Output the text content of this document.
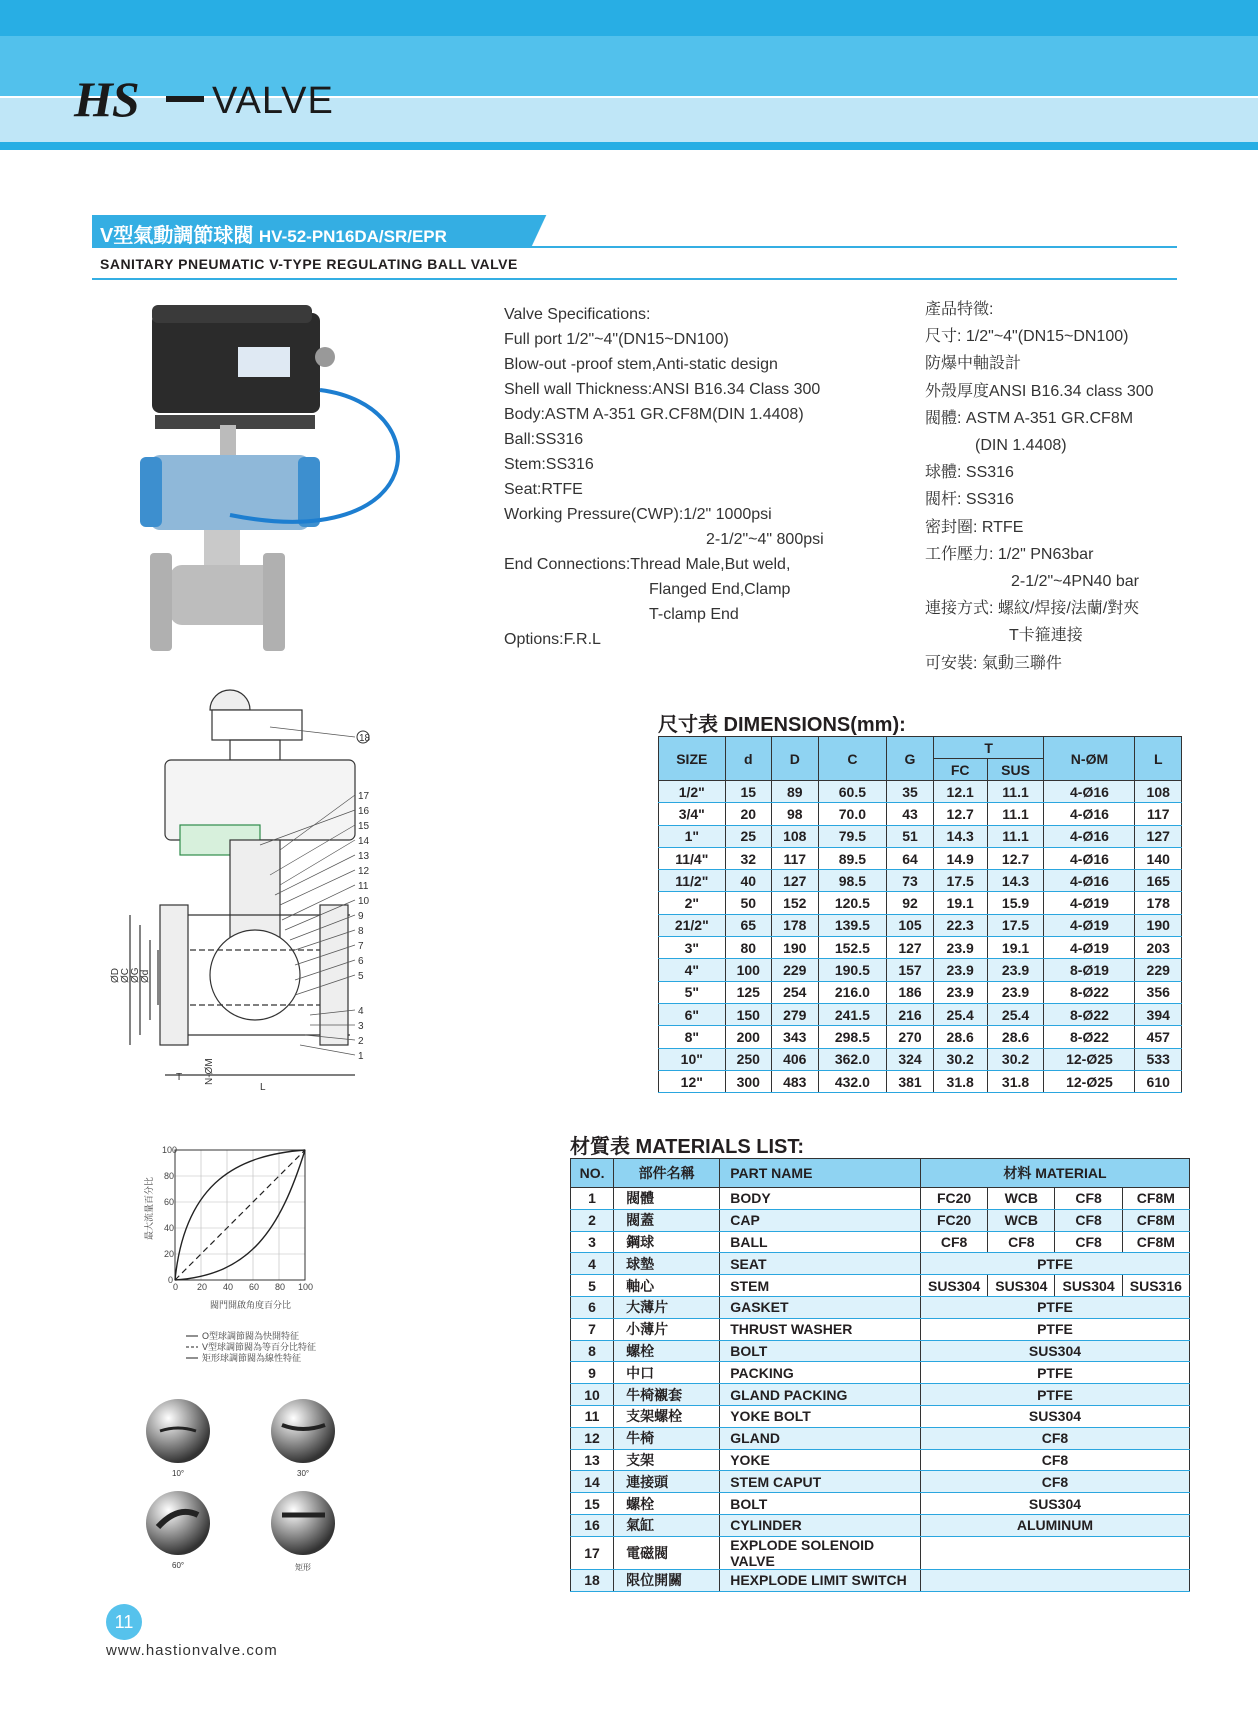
HS VALVE
V型氣動調節球閥 HV-52-PN16DA/SR/EPR
SANITARY PNEUMATIC V-TYPE REGULATING BALL VALVE
Valve Specifications:
Full port 1/2"~4"(DN15~DN100)
Blow-out -proof stem,Anti-static design
Shell wall Thickness:ANSI B16.34 Class 300
Body:ASTM A-351 GR.CF8M(DIN 1.4408)
Ball:SS316
Stem:SS316
Seat:RTFE
Working Pressure(CWP):1/2" 1000psi
2-1/2"~4" 800psi
End Connections:Thread Male,But weld,
Flanged End,Clamp
T-clamp End
Options:F.R.L
產品特徵:
尺寸: 1/2"~4"(DN15~DN100)
防爆中軸設計
外殼厚度ANSI B16.34 class 300
閥體: ASTM A-351 GR.CF8M
(DIN 1.4408)
球體: SS316
閥杆: SS316
密封圈: RTFE
工作壓力: 1/2" PN63bar
2-1/2"~4PN40 bar
連接方式: 螺紋/焊接/法蘭/對夾
T卡箍連接
可安裝: 氣動三聯件
18
17
16
15
14
13
12
11
10
9
8
7
6
5
4
3
2
1
ØD ØC ØG Ød
T N-ØM
L
100
80
60
40
20
0
0 20 40 60 80 100
最大流量百分比
閥門開啟角度百分比
O型球調節閥為快開特征
V型球調節閥為等百分比特征
矩形球調節閥為線性特征
10°	30°
60°	矩形
尺寸表 DIMENSIONS(mm):
SIZE	d	D	C	G	T		N-ØM	L
					FC	SUS		
1/2"	15	89	60.5	35	12.1	11.1	4-Ø16	108
3/4"	20	98	70.0	43	12.7	11.1	4-Ø16	117
1"	25	108	79.5	51	14.3	11.1	4-Ø16	127
11/4"	32	117	89.5	64	14.9	12.7	4-Ø16	140
11/2"	40	127	98.5	73	17.5	14.3	4-Ø16	165
2"	50	152	120.5	92	19.1	15.9	4-Ø19	178
21/2"	65	178	139.5	105	22.3	17.5	4-Ø19	190
3"	80	190	152.5	127	23.9	19.1	4-Ø19	203
4"	100	229	190.5	157	23.9	23.9	8-Ø19	229
5"	125	254	216.0	186	23.9	23.9	8-Ø22	356
6"	150	279	241.5	216	25.4	25.4	8-Ø22	394
8"	200	343	298.5	270	28.6	28.6	8-Ø22	457
10"	250	406	362.0	324	30.2	30.2	12-Ø25	533
12"	300	483	432.0	381	31.8	31.8	12-Ø25	610
材質表 MATERIALS LIST:
NO.	部件名稱	PART NAME	材料 MATERIAL			
1	閥體	BODY	FC20	WCB	CF8	CF8M
2	閥蓋	CAP	FC20	WCB	CF8	CF8M
3	鋼球	BALL	CF8	CF8	CF8	CF8M
4	球墊	SEAT	PTFE			
5	軸心	STEM	SUS304	SUS304	SUS304	SUS316
6	大薄片	GASKET	PTFE			
7	小薄片	THRUST WASHER	PTFE			
8	螺栓	BOLT	SUS304			
9	中口	PACKING	PTFE			
10	牛椅襯套	GLAND PACKING	PTFE			
11	支架螺栓	YOKE BOLT	SUS304			
12	牛椅	GLAND	CF8			
13	支架	YOKE	CF8			
14	連接頭	STEM CAPUT	CF8			
15	螺栓	BOLT	SUS304			
16	氣缸	CYLINDER	ALUMINUM			
17	電磁閥	EXPLODE SOLENOID VALVE				
18	限位開關	HEXPLODE LIMIT SWITCH				
11
www.hastionvalve.com
